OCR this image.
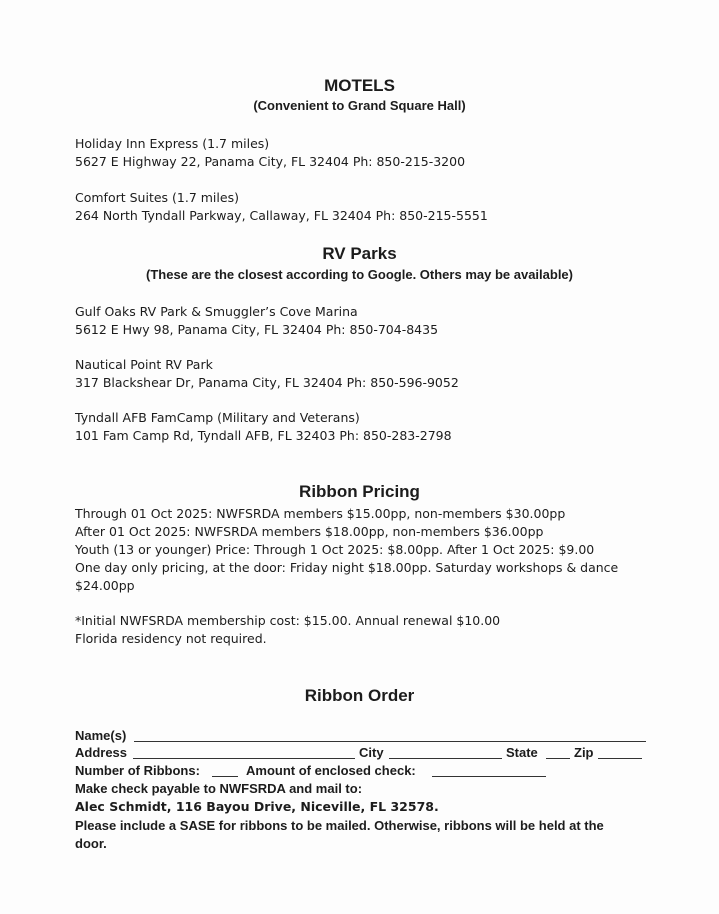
MOTELS
(Convenient to Grand Square Hall)
Holiday Inn Express (1.7 miles)
5627 E Highway 22, Panama City, FL 32404 Ph: 850-215-3200
Comfort Suites (1.7 miles)
264 North Tyndall Parkway, Callaway, FL 32404 Ph: 850-215-5551
RV Parks
(These are the closest according to Google. Others may be available)
Gulf Oaks RV Park & Smuggler’s Cove Marina
5612 E Hwy 98, Panama City, FL 32404 Ph: 850-704-8435
Nautical Point RV Park
317 Blackshear Dr, Panama City, FL 32404 Ph: 850-596-9052
Tyndall AFB FamCamp (Military and Veterans)
101 Fam Camp Rd, Tyndall AFB, FL 32403 Ph: 850-283-2798
Ribbon Pricing
Through 01 Oct 2025: NWFSRDA members $15.00pp, non-members $30.00pp
After 01 Oct 2025: NWFSRDA members $18.00pp, non-members $36.00pp
Youth (13 or younger) Price: Through 1 Oct 2025: $8.00pp. After 1 Oct 2025: $9.00
One day only pricing, at the door: Friday night $18.00pp. Saturday workshops & dance
$24.00pp
*Initial NWFSRDA membership cost: $15.00. Annual renewal $10.00
Florida residency not required.
Ribbon Order
Name(s)
Address	City	State	Zip
Number of Ribbons:	Amount of enclosed check:
Make check payable to NWFSRDA and mail to:
Alec Schmidt, 116 Bayou Drive, Niceville, FL 32578.
Please include a SASE for ribbons to be mailed. Otherwise, ribbons will be held at the
door.
